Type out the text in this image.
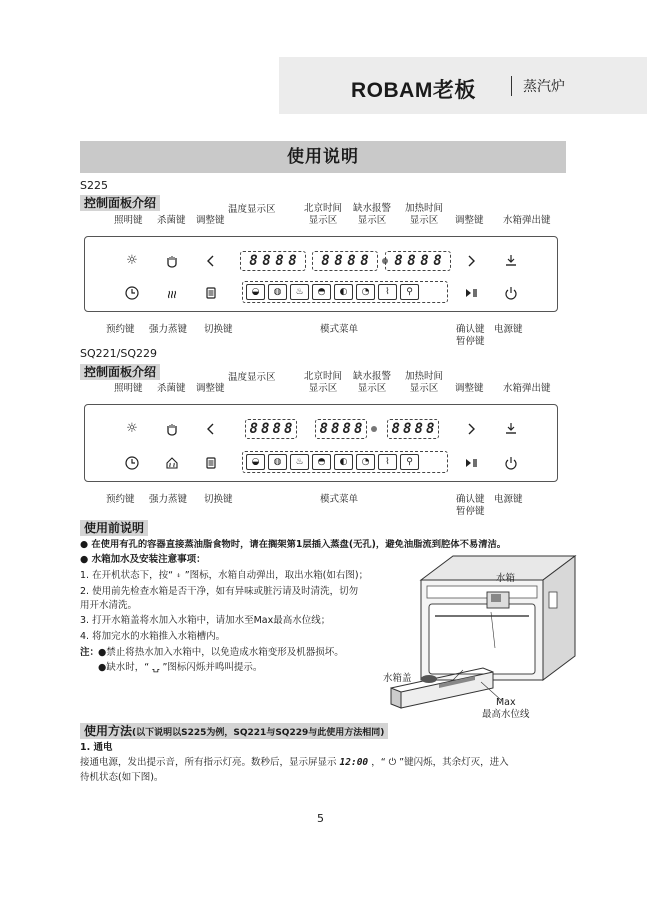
ROBAM老板	蒸汽炉
使用说明
S225
控制面板介绍
照明键 杀菌键 调整键
温度显示区	北京时间
显示区
缺水报警
显示区
加热时间
显示区	调整键 水箱弹出键
☼	8 8 8 8 8 8 8 8 8 8 8 8
◒	◍	♨	◓	◐	◔	⌇	⚲
预约键 强力蒸键 切换键	模式菜单	确认键
暂停键
电源键
SQ221/SQ229
控制面板介绍
照明键 杀菌键 调整键
温度显示区	北京时间
显示区
缺水报警
显示区
加热时间
显示区	调整键 水箱弹出键
☼	8 8 8 8 8 8 8 8 8 8 8 8
◒	◍	♨	◓	◐	◔	⌇	⚲
预约键 强力蒸键 切换键	模式菜单	确认键
暂停键
电源键
使用前说明
● 在使用有孔的容器直接蒸油脂食物时，请在搁架第1层插入蒸盘(无孔)，避免油脂流到腔体不易清洁。
● 水箱加水及安装注意事项：
1. 在开机状态下，按“ ⍖ ”图标，水箱自动弹出，取出水箱(如右图)；
2. 使用前先检查水箱是否干净，如有异味或脏污请及时清洗，切勿
用开水清洗。
3. 打开水箱盖将水加入水箱中，请加水至Max最高水位线；
4. 将加完水的水箱推入水箱槽内。
注：
●禁止将热水加入水箱中，以免造成水箱变形及机器损坏。
●缺水时，“ ⍽ ”图标闪烁并鸣叫提示。
水箱
水箱盖
Max
最高水位线
使用方法(以下说明以S225为例，SQ221与SQ229与此使用方法相同)
1. 通电
接通电源，发出提示音，所有指示灯亮。数秒后，显示屏显示 12:00 ，“ ⏻ ”键闪烁，其余灯灭，进入
待机状态(如下图)。
5
